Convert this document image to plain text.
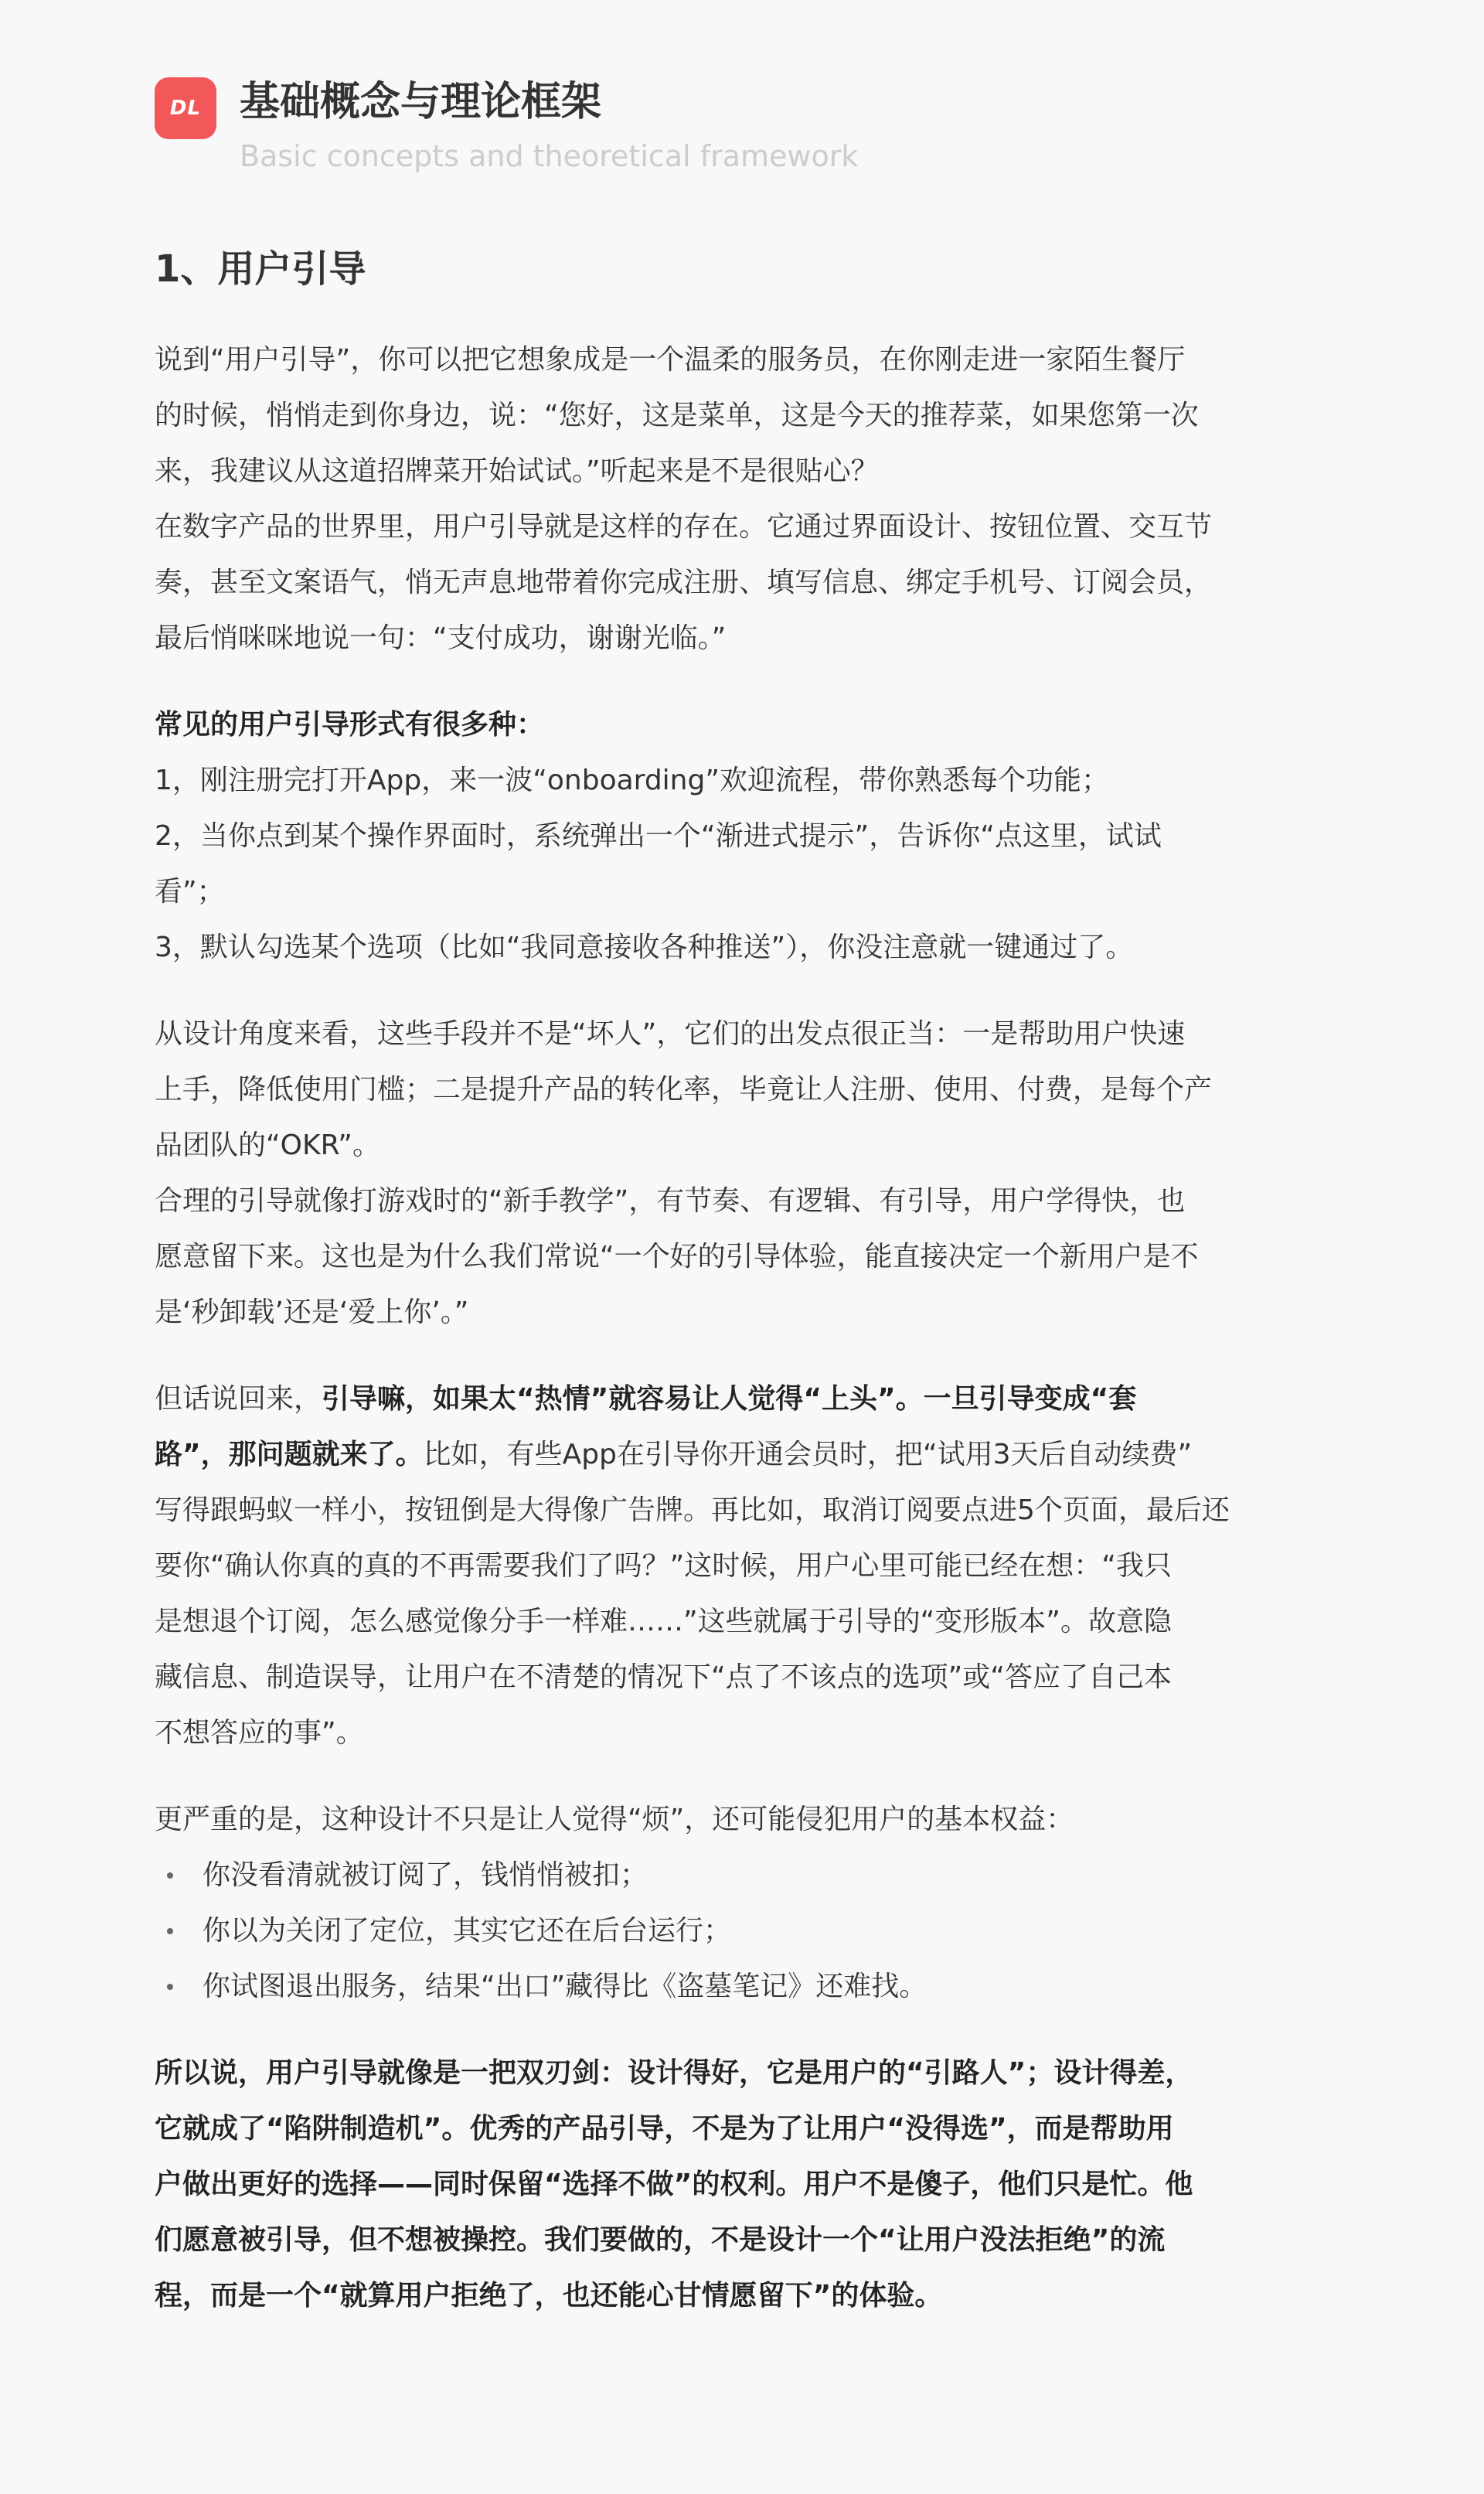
DL 基础概念与理论框架
Basic concepts and theoretical framework
1、用户引导

说到“用户引导”，你可以把它想象成是一个温柔的服务员，在你刚走进一家陌生餐厅
的时候，悄悄走到你身边，说：“您好，这是菜单，这是今天的推荐菜，如果您第一次
来，我建议从这道招牌菜开始试试。”听起来是不是很贴心？
在数字产品的世界里，用户引导就是这样的存在。它通过界面设计、按钮位置、交互节
奏，甚至文案语气，悄无声息地带着你完成注册、填写信息、绑定手机号、订阅会员，
最后悄咪咪地说一句：“支付成功，谢谢光临。”

常见的用户引导形式有很多种：
1，刚注册完打开App，来一波“onboarding”欢迎流程，带你熟悉每个功能；
2，当你点到某个操作界面时，系统弹出一个“渐进式提示”，告诉你“点这里，试试
看”；
3，默认勾选某个选项（比如“我同意接收各种推送”），你没注意就一键通过了。

从设计角度来看，这些手段并不是“坏人”，它们的出发点很正当：一是帮助用户快速
上手，降低使用门槛；二是提升产品的转化率，毕竟让人注册、使用、付费，是每个产
品团队的“OKR”。
合理的引导就像打游戏时的“新手教学”，有节奏、有逻辑、有引导，用户学得快，也
愿意留下来。这也是为什么我们常说“一个好的引导体验，能直接决定一个新用户是不
是‘秒卸载’还是‘爱上你’。”

但话说回来，引导嘛，如果太“热情”就容易让人觉得“上头”。一旦引导变成“套
路”，那问题就来了。比如，有些App在引导你开通会员时，把“试用3天后自动续费”
写得跟蚂蚁一样小，按钮倒是大得像广告牌。再比如，取消订阅要点进5个页面，最后还
要你“确认你真的真的不再需要我们了吗？”这时候，用户心里可能已经在想：“我只
是想退个订阅，怎么感觉像分手一样难……”这些就属于引导的“变形版本”。故意隐
藏信息、制造误导，让用户在不清楚的情况下“点了不该点的选项”或“答应了自己本
不想答应的事”。

更严重的是，这种设计不只是让人觉得“烦”，还可能侵犯用户的基本权益：
你没看清就被订阅了，钱悄悄被扣；
你以为关闭了定位，其实它还在后台运行；
你试图退出服务，结果“出口”藏得比《盗墓笔记》还难找。

所以说，用户引导就像是一把双刃剑：设计得好，它是用户的“引路人”；设计得差，
它就成了“陷阱制造机”。优秀的产品引导，不是为了让用户“没得选”，而是帮助用
户做出更好的选择——同时保留“选择不做”的权利。用户不是傻子，他们只是忙。他
们愿意被引导，但不想被操控。我们要做的，不是设计一个“让用户没法拒绝”的流
程，而是一个“就算用户拒绝了，也还能心甘情愿留下”的体验。
